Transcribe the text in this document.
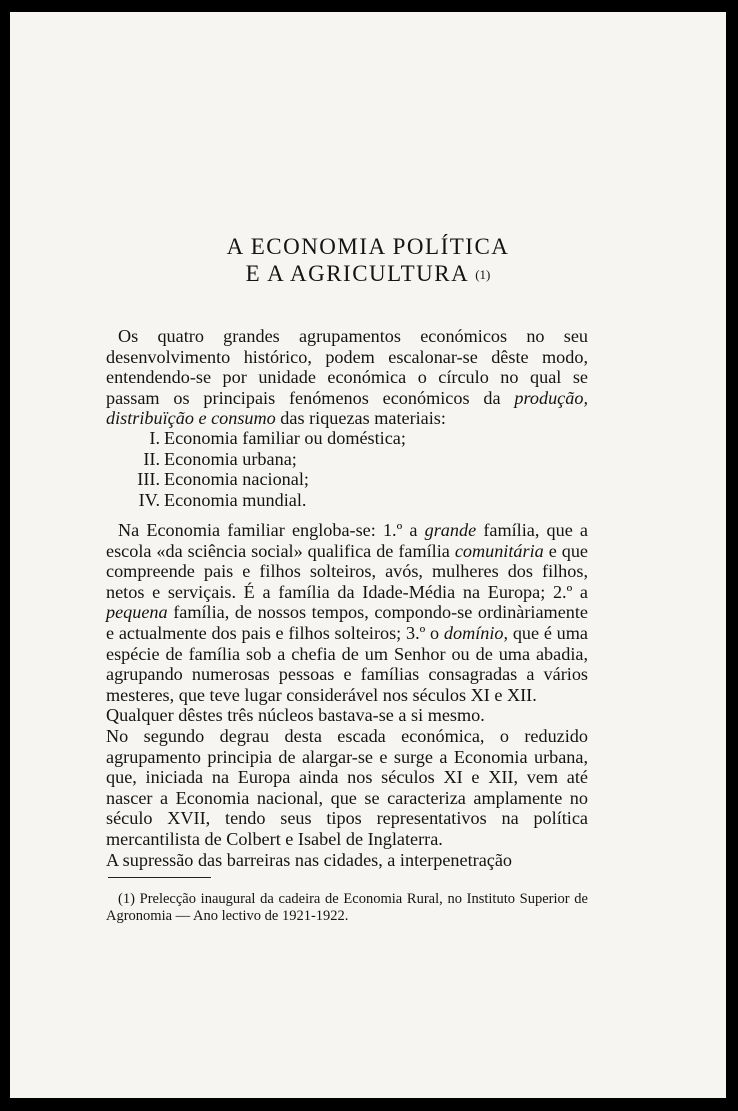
A ECONOMIA POLÍTICA
E A AGRICULTURA (1)

Os quatro grandes agrupamentos económicos no seu desenvolvimento histórico, podem escalonar-se dêste modo, entendendo-se por unidade económica o círculo no qual se passam os principais fenómenos económicos da produção, distribuïção e consumo das riquezas materiais:

I. Economia familiar ou doméstica;
II. Economia urbana;
III. Economia nacional;
IV. Economia mundial.

Na Economia familiar engloba-se: 1.º a grande família, que a escola «da sciência social» qualifica de família comunitária e que compreende pais e filhos solteiros, avós, mulheres dos filhos, netos e serviçais. É a família da Idade-Média na Europa; 2.º a pequena família, de nossos tempos, compondo-se ordinàriamente e actualmente dos pais e filhos solteiros; 3.º o domínio, que é uma espécie de família sob a chefia de um Senhor ou de uma abadia, agrupando numerosas pessoas e famílias consagradas a vários mesteres, que teve lugar considerável nos séculos XI e XII.

Qualquer dêstes três núcleos bastava-se a si mesmo.

No segundo degrau desta escada económica, o reduzido agrupamento principia de alargar-se e surge a Economia urbana, que, iniciada na Europa ainda nos séculos XI e XII, vem até nascer a Economia nacional, que se caracteriza amplamente no século XVII, tendo seus tipos representativos na política mercantilista de Colbert e Isabel de Inglaterra.

A supressão das barreiras nas cidades, a interpenetração

(1) Prelecção inaugural da cadeira de Economia Rural, no Instituto Superior de Agronomia — Ano lectivo de 1921-1922.
